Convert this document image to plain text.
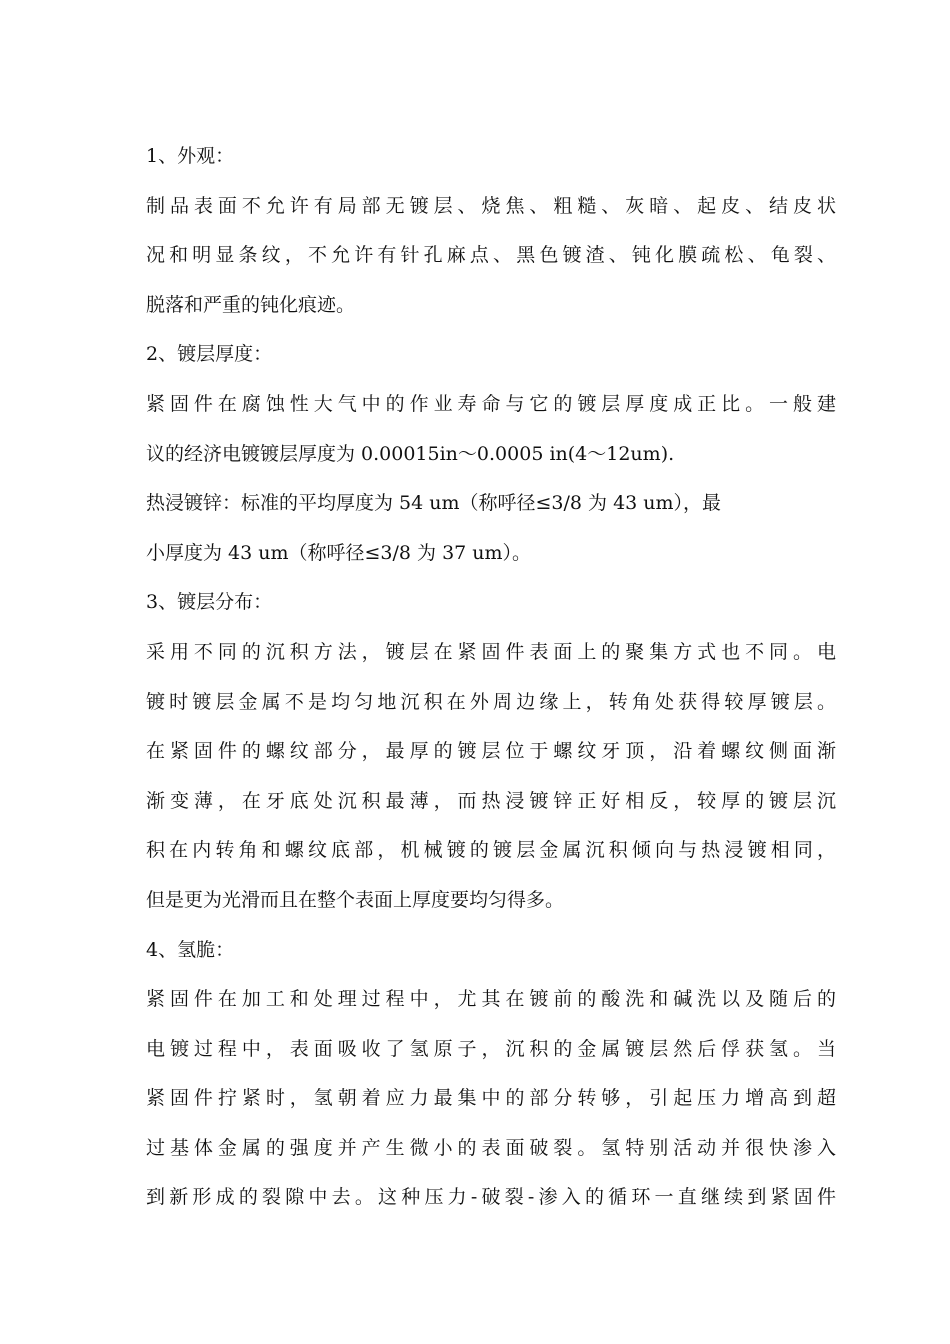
1、外观：
制品表面不允许有局部无镀层、烧焦、粗糙、灰暗、起皮、结皮状
况和明显条纹，不允许有针孔麻点、黑色镀渣、钝化膜疏松、龟裂、
脱落和严重的钝化痕迹。
2、镀层厚度：
紧固件在腐蚀性大气中的作业寿命与它的镀层厚度成正比。一般建
议的经济电镀镀层厚度为 0.00015in～0.0005 in(4～12um).
热浸镀锌：标准的平均厚度为 54 um（称呼径≤3/8 为 43 um），最
小厚度为 43 um（称呼径≤3/8 为 37 um）。
3、镀层分布：
采用不同的沉积方法，镀层在紧固件表面上的聚集方式也不同。电
镀时镀层金属不是均匀地沉积在外周边缘上，转角处获得较厚镀层。
在紧固件的螺纹部分，最厚的镀层位于螺纹牙顶，沿着螺纹侧面渐
渐变薄，在牙底处沉积最薄，而热浸镀锌正好相反，较厚的镀层沉
积在内转角和螺纹底部，机械镀的镀层金属沉积倾向与热浸镀相同，
但是更为光滑而且在整个表面上厚度要均匀得多。
4、氢脆：
紧固件在加工和处理过程中，尤其在镀前的酸洗和碱洗以及随后的
电镀过程中，表面吸收了氢原子，沉积的金属镀层然后俘获氢。当
紧固件拧紧时，氢朝着应力最集中的部分转够，引起压力增高到超
过基体金属的强度并产生微小的表面破裂。氢特别活动并很快渗入
到新形成的裂隙中去。这种压力-破裂-渗入的循环一直继续到紧固件
